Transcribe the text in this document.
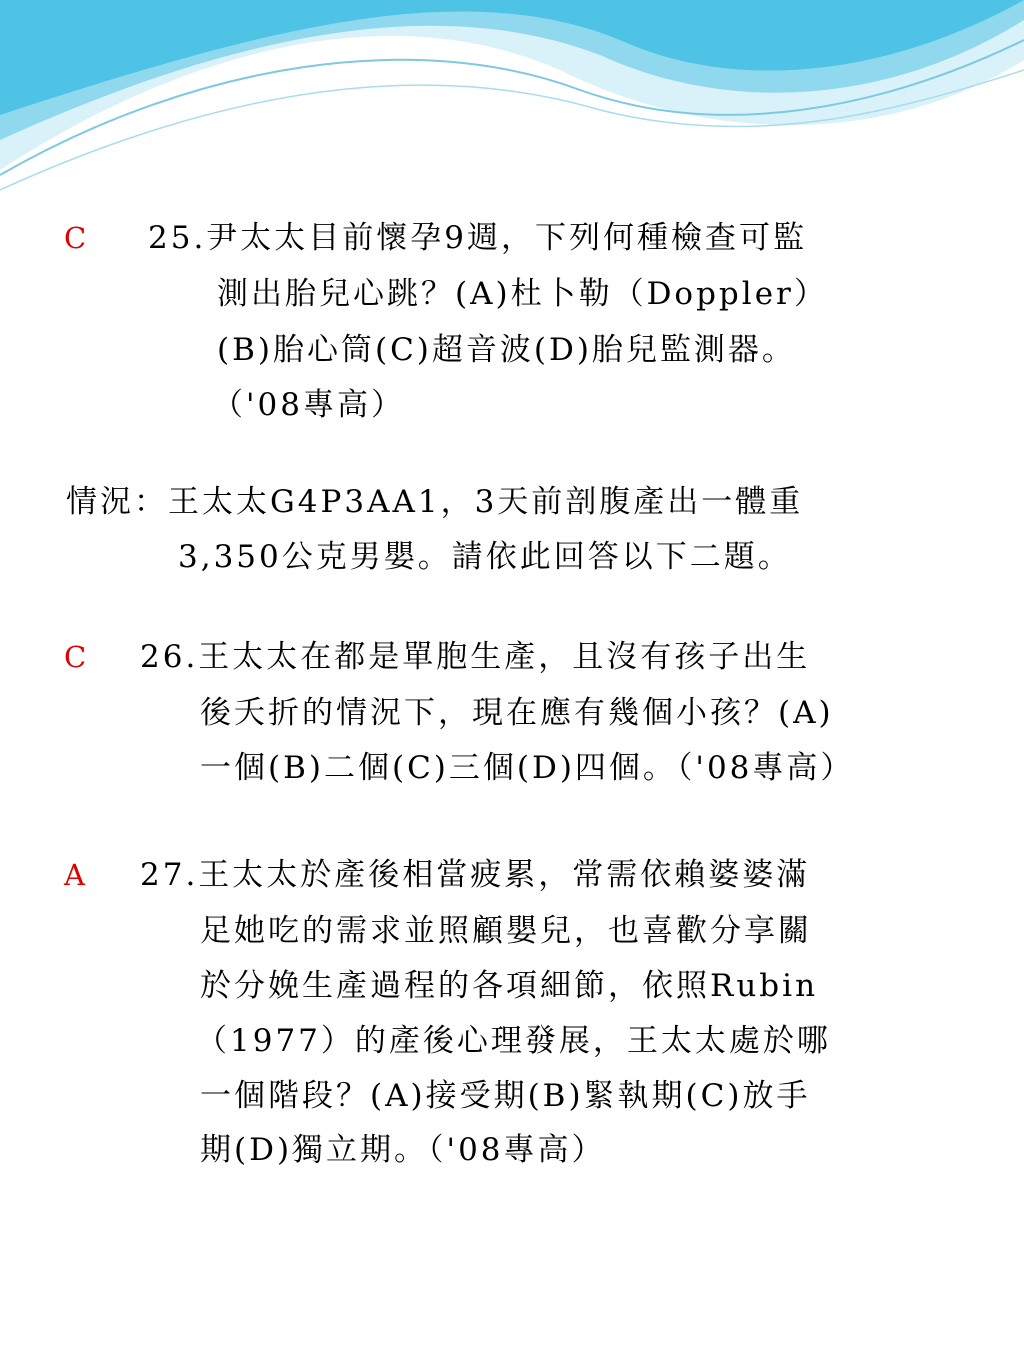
C 25.尹太太目前懷孕9週，下列何種檢查可監
測出胎兒心跳？(A)杜卜勒（Doppler）
(B)胎心筒(C)超音波(D)胎兒監測器。
（'08專高）
情況：王太太G4P3AA1，3天前剖腹產出一體重
3,350公克男嬰。請依此回答以下二題。
C 26.王太太在都是單胞生產，且沒有孩子出生
後夭折的情況下，現在應有幾個小孩？(A)
一個(B)二個(C)三個(D)四個。（'08專高）
A 27.王太太於產後相當疲累，常需依賴婆婆滿
足她吃的需求並照顧嬰兒，也喜歡分享關
於分娩生產過程的各項細節，依照Rubin
（1977）的產後心理發展，王太太處於哪
一個階段？(A)接受期(B)緊執期(C)放手
期(D)獨立期。（'08專高）
